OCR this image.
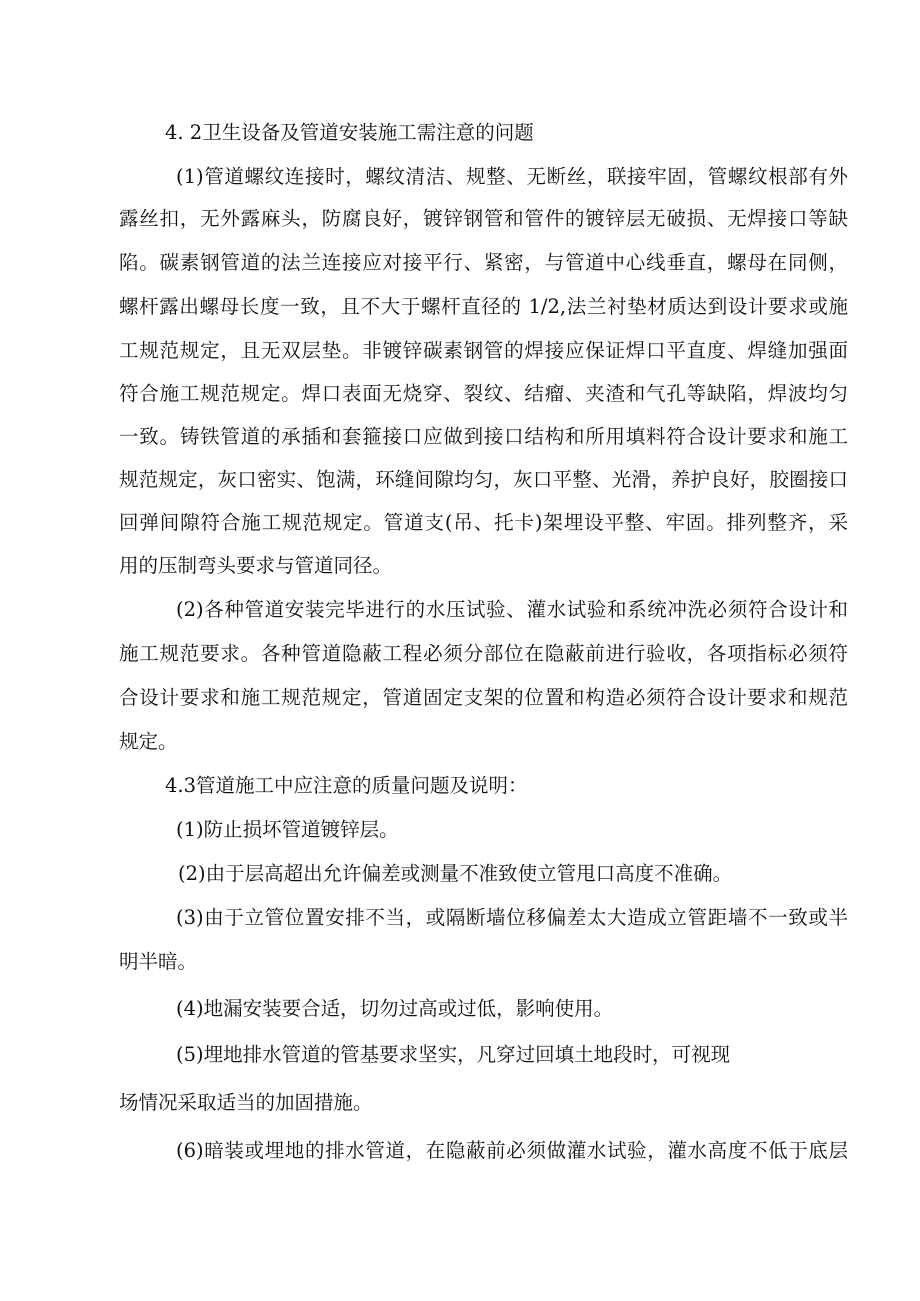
4. 2卫生设备及管道安装施工需注意的问题
(1)管道螺纹连接时，螺纹清洁、规整、无断丝，联接牢固，管螺纹根部有外
露丝扣，无外露麻头，防腐良好，镀锌钢管和管件的镀锌层无破损、无焊接口等缺
陷。碳素钢管道的法兰连接应对接平行、紧密，与管道中心线垂直，螺母在同侧，
螺杆露出螺母长度一致，且不大于螺杆直径的 1/2,法兰衬垫材质达到设计要求或施
工规范规定，且无双层垫。非镀锌碳素钢管的焊接应保证焊口平直度、焊缝加强面
符合施工规范规定。焊口表面无烧穿、裂纹、结瘤、夹渣和气孔等缺陷，焊波均匀
一致。铸铁管道的承插和套箍接口应做到接口结构和所用填料符合设计要求和施工
规范规定，灰口密实、饱满，环缝间隙均匀，灰口平整、光滑，养护良好，胶圈接口
回弹间隙符合施工规范规定。管道支(吊、托卡)架埋设平整、牢固。排列整齐，采
用的压制弯头要求与管道同径。
(2)各种管道安装完毕进行的水压试验、灌水试验和系统冲洗必须符合设计和
施工规范要求。各种管道隐蔽工程必须分部位在隐蔽前进行验收，各项指标必须符
合设计要求和施工规范规定，管道固定支架的位置和构造必须符合设计要求和规范
规定。
4.3管道施工中应注意的质量问题及说明：
(1)防止损坏管道镀锌层。
(2)由于层高超出允许偏差或测量不准致使立管甩口高度不准确。
(3)由于立管位置安排不当，或隔断墙位移偏差太大造成立管距墙不一致或半
明半暗。
(4)地漏安装要合适，切勿过高或过低，影响使用。
(5)埋地排水管道的管基要求坚实，凡穿过回填土地段时，可视现
场情况采取适当的加固措施。
(6)暗装或埋地的排水管道，在隐蔽前必须做灌水试验，灌水高度不低于底层
